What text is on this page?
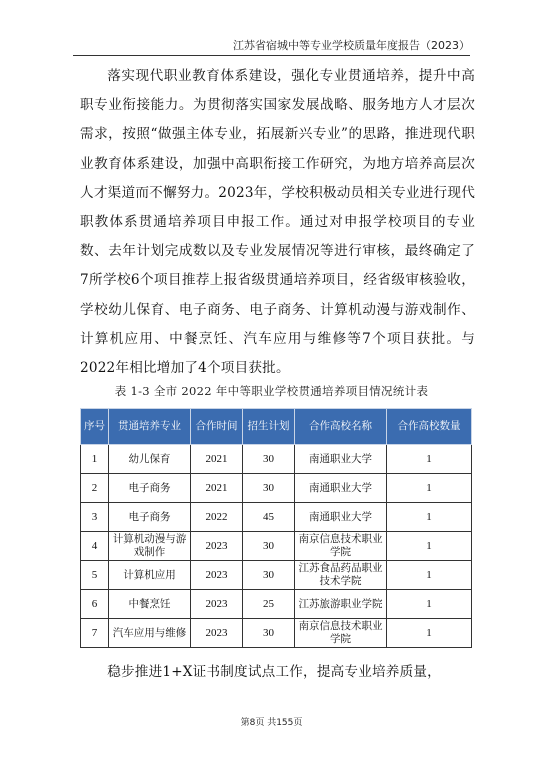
江苏省宿城中等专业学校质量年度报告（2023）

落实现代职业教育体系建设，强化专业贯通培养，提升中高职专业衔接能力。为贯彻落实国家发展战略、服务地方人才层次需求，按照“做强主体专业，拓展新兴专业”的思路，推进现代职业教育体系建设，加强中高职衔接工作研究，为地方培养高层次人才渠道而不懈努力。2023年，学校积极动员相关专业进行现代职教体系贯通培养项目申报工作。通过对申报学校项目的专业数、去年计划完成数以及专业发展情况等进行审核，最终确定了7所学校6个项目推荐上报省级贯通培养项目，经省级审核验收，学校幼儿保育、电子商务、电子商务、计算机动漫与游戏制作、计算机应用、中餐烹饪、汽车应用与维修等7个项目获批。与2022年相比增加了4个项目获批。

表 1-3 全市 2022 年中等职业学校贯通培养项目情况统计表
序号	贯通培养专业	合作时间	招生计划	合作高校名称	合作高校数量
1	幼儿保育	2021	30	南通职业大学	1
2	电子商务	2021	30	南通职业大学	1
3	电子商务	2022	45	南通职业大学	1
4	计算机动漫与游戏制作	2023	30	南京信息技术职业学院	1
5	计算机应用	2023	30	江苏食品药品职业技术学院	1
6	中餐烹饪	2023	25	江苏旅游职业学院	1
7	汽车应用与维修	2023	30	南京信息技术职业学院	1

稳步推进1+X证书制度试点工作，提高专业培养质量，

第8页 共155页
